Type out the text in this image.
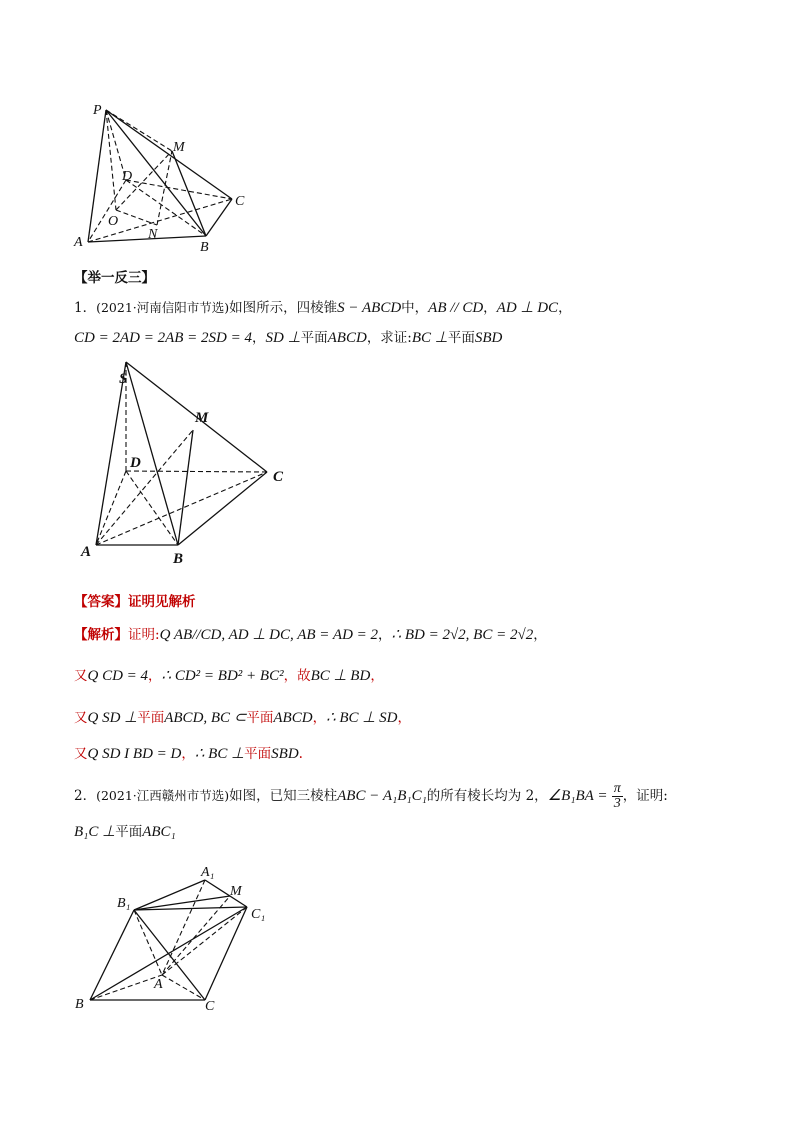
P
M
D
C
O
N
A	B
【举一反三】
1．(2021·河南信阳市节选)如图所示，四棱锥S − ABCD中，AB // CD，AD ⊥ DC，
CD = 2AD = 2AB = 2SD = 4，SD ⊥平面ABCD，求证:BC ⊥平面SBD
S
M
D
C
A	B
【答案】证明见解析
【解析】证明:Q AB//CD, AD ⊥ DC, AB = AD = 2，∴ BD = 2√2, BC = 2√2，
又Q CD = 4，∴ CD² = BD² + BC²，故BC ⊥ BD，
又Q SD ⊥平面ABCD, BC ⊂平面ABCD，∴ BC ⊥ SD，
又Q SD I BD = D，∴ BC ⊥平面SBD.
2．(2021·江西赣州市节选)如图，已知三棱柱ABC − A₁B₁C₁的所有棱长均为 2，∠B₁BA = $\frac{\pi}{3}$ ，证明:
B₁C ⊥平面ABC₁
A₁
M
B₁
C₁
A
B	C
